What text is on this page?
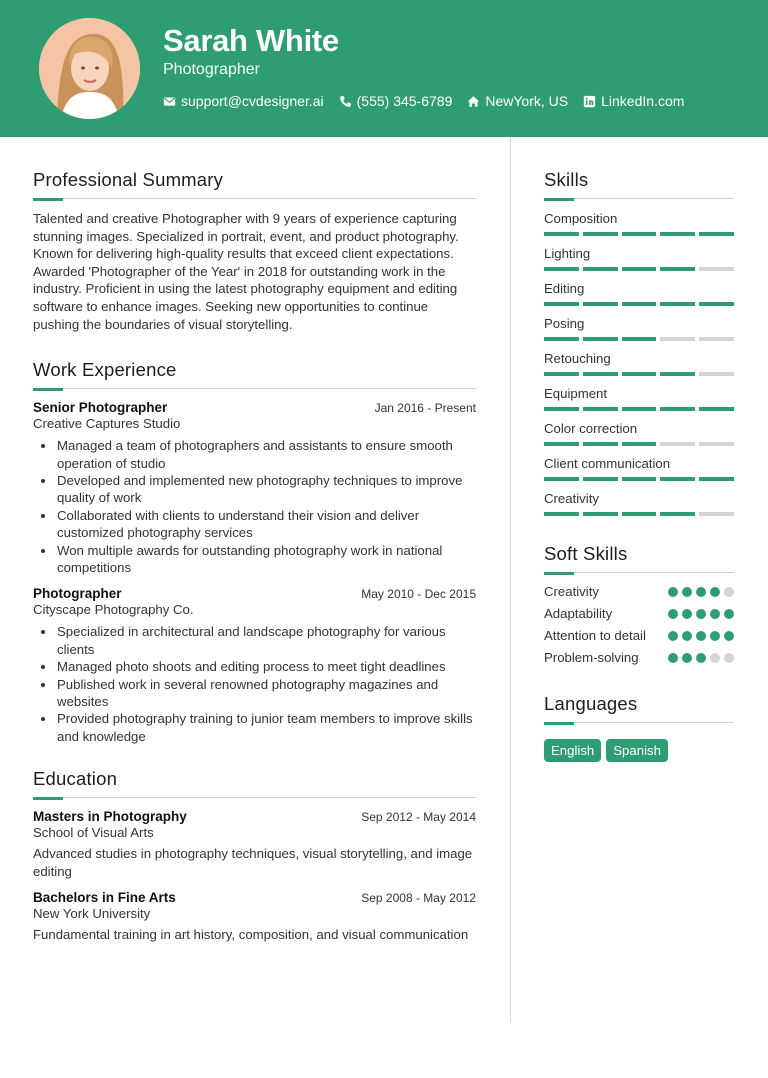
Sarah White
Photographer
support@cvdesigner.ai (555) 345-6789 NewYork, US LinkedIn.com
Professional Summary

Talented and creative Photographer with 9 years of experience capturing stunning images. Specialized in portrait, event, and product photography. Known for delivering high-quality results that exceed client expectations. Awarded 'Photographer of the Year' in 2018 for outstanding work in the industry. Proficient in using the latest photography equipment and editing software to enhance images. Seeking new opportunities to continue pushing the boundaries of visual storytelling.

Work Experience
Senior Photographer	Jan 2016 - Present
Creative Captures Studio
Managed a team of photographers and assistants to ensure smooth operation of studio
Developed and implemented new photography techniques to improve quality of work
Collaborated with clients to understand their vision and deliver customized photography services
Won multiple awards for outstanding photography work in national competitions
Photographer	May 2010 - Dec 2015
Cityscape Photography Co.
Specialized in architectural and landscape photography for various clients
Managed photo shoots and editing process to meet tight deadlines
Published work in several renowned photography magazines and websites
Provided photography training to junior team members to improve skills and knowledge
Education
Masters in Photography	Sep 2012 - May 2014
School of Visual Arts

Advanced studies in photography techniques, visual storytelling, and image editing

Bachelors in Fine Arts	Sep 2008 - May 2012
New York University

Fundamental training in art history, composition, and visual communication

Skills
Composition
Lighting
Editing
Posing
Retouching
Equipment
Color correction
Client communication
Creativity
Soft Skills
Creativity
Adaptability
Attention to detail
Problem-solving
Languages
English	Spanish
